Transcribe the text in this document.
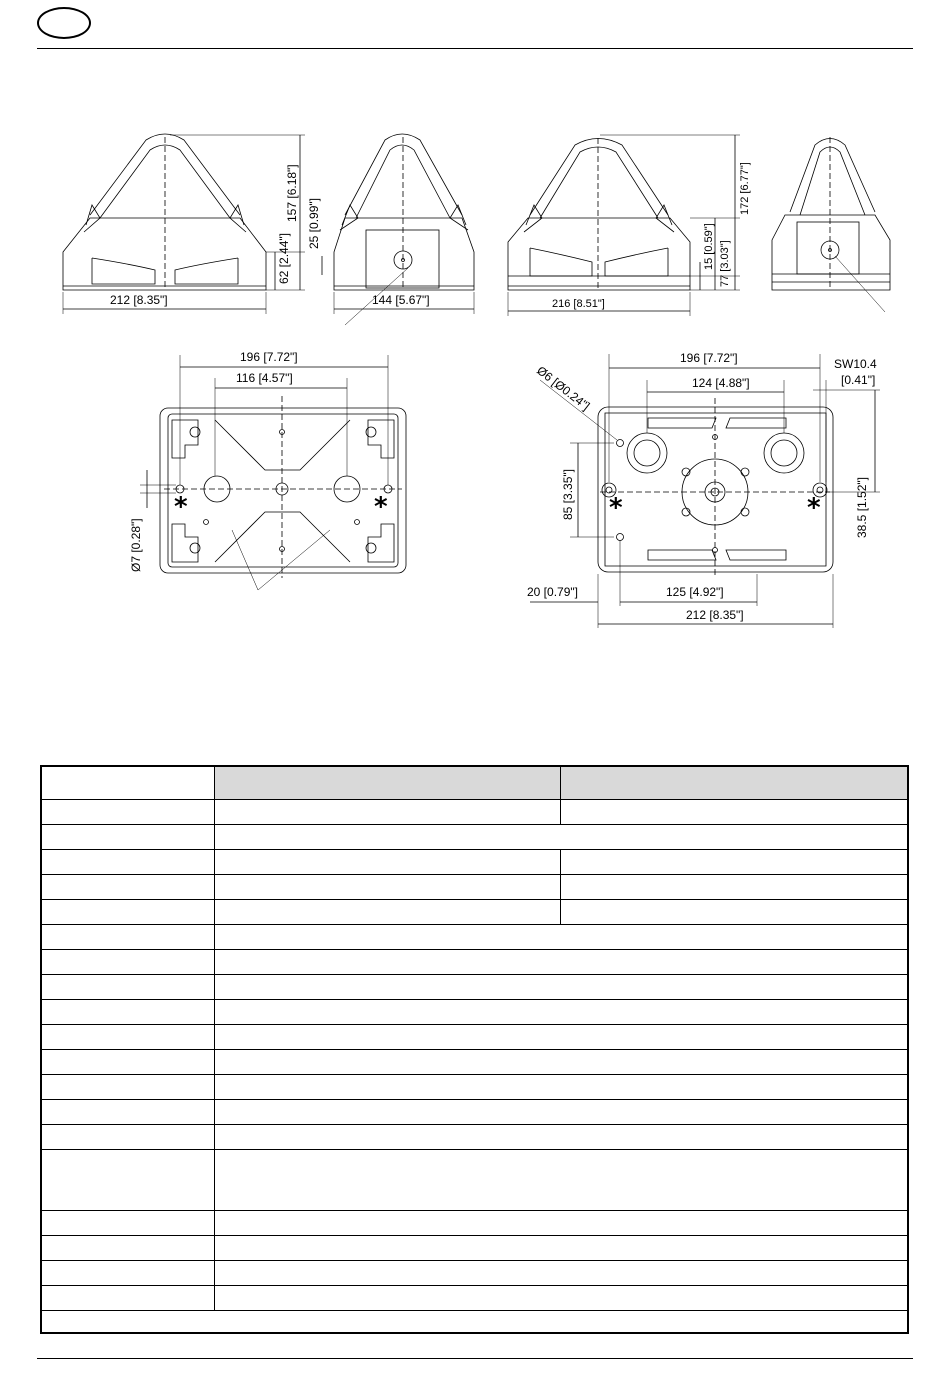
212 [8.35"]
157 [6.18"]
62 [2.44"]
25 [0.99"]
144 [5.67"]	216 [8.51"]
172 [6.77"]
77 [3.03"]
15 [0.59"]
196 [7.72"]
116 [4.57"]
Ø7 [0.28"]
*	*
196 [7.72"]
124 [4.88"]
Ø6 [Ø0.24"]	SW10.4
[0.41"]
85 [3.35"]	38.5 [1.52"]
20 [0.79"]	125 [4.92"]
212 [8.35"]
*	*
